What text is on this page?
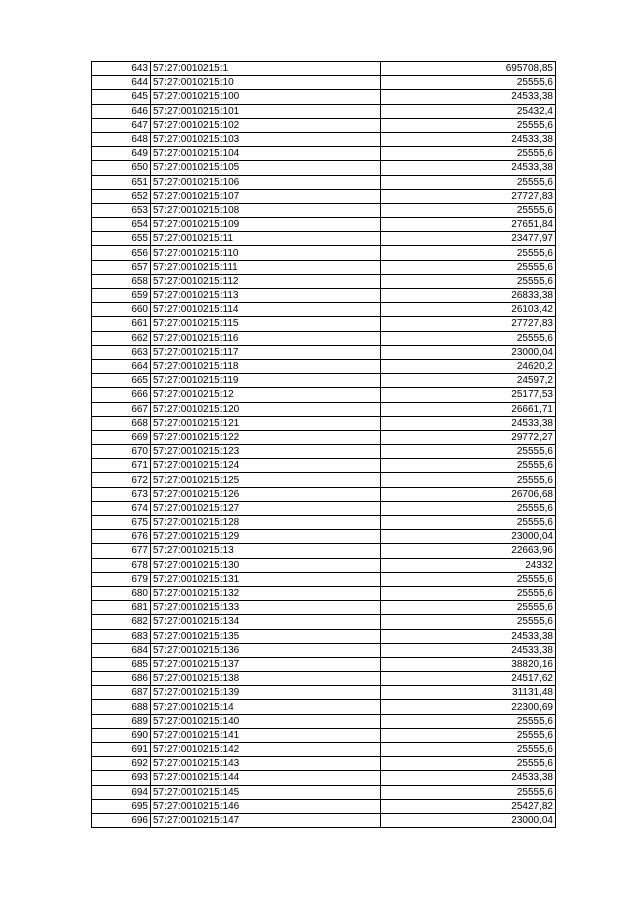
643	57:27:0010215:1	695708,85
644	57:27:0010215:10	25555,6
645	57:27:0010215:100	24533,38
646	57:27:0010215:101	25432,4
647	57:27:0010215:102	25555,6
648	57:27:0010215:103	24533,38
649	57:27:0010215:104	25555,6
650	57:27:0010215:105	24533,38
651	57:27:0010215:106	25555,6
652	57:27:0010215:107	27727,83
653	57:27:0010215:108	25555,6
654	57:27:0010215:109	27651,84
655	57:27:0010215:11	23477,97
656	57:27:0010215:110	25555,6
657	57:27:0010215:111	25555,6
658	57:27:0010215:112	25555,6
659	57:27:0010215:113	26833,38
660	57:27:0010215:114	26103,42
661	57:27:0010215:115	27727,83
662	57:27:0010215:116	25555,6
663	57:27:0010215:117	23000,04
664	57:27:0010215:118	24620,2
665	57:27:0010215:119	24597,2
666	57:27:0010215:12	25177,53
667	57:27:0010215:120	26661,71
668	57:27:0010215:121	24533,38
669	57:27:0010215:122	29772,27
670	57:27:0010215:123	25555,6
671	57:27:0010215:124	25555,6
672	57:27:0010215:125	25555,6
673	57:27:0010215:126	26706,68
674	57:27:0010215:127	25555,6
675	57:27:0010215:128	25555,6
676	57:27:0010215:129	23000,04
677	57:27:0010215:13	22663,96
678	57:27:0010215:130	24332
679	57:27:0010215:131	25555,6
680	57:27:0010215:132	25555,6
681	57:27:0010215:133	25555,6
682	57:27:0010215:134	25555,6
683	57:27:0010215:135	24533,38
684	57:27:0010215:136	24533,38
685	57:27:0010215:137	38820,16
686	57:27:0010215:138	24517,62
687	57:27:0010215:139	31131,48
688	57:27:0010215:14	22300,69
689	57:27:0010215:140	25555,6
690	57:27:0010215:141	25555,6
691	57:27:0010215:142	25555,6
692	57:27:0010215:143	25555,6
693	57:27:0010215:144	24533,38
694	57:27:0010215:145	25555,6
695	57:27:0010215:146	25427,82
696	57:27:0010215:147	23000,04
